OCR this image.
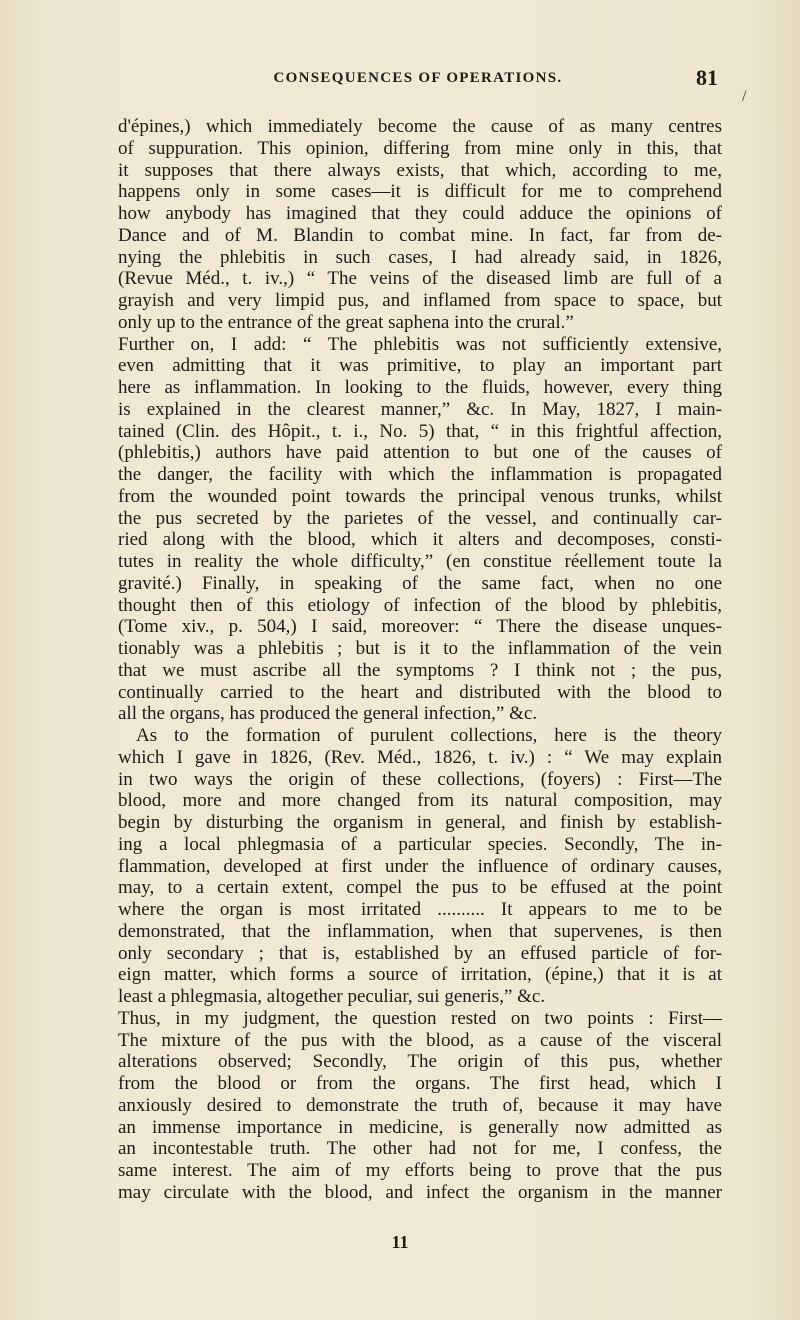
CONSEQUENCES OF OPERATIONS.	81
/
d'épines,) which immediately become the cause of as many centres
of suppuration. This opinion, differing from mine only in this, that
it supposes that there always exists, that which, according to me,
happens only in some cases—it is difficult for me to comprehend
how anybody has imagined that they could adduce the opinions of
Dance and of M. Blandin to combat mine. In fact, far from de-
nying the phlebitis in such cases, I had already said, in 1826,
(Revue Méd., t. iv.,) “ The veins of the diseased limb are full of a
grayish and very limpid pus, and inflamed from space to space, but
only up to the entrance of the great saphena into the crural.”
Further on, I add: “ The phlebitis was not sufficiently extensive,
even admitting that it was primitive, to play an important part
here as inflammation. In looking to the fluids, however, every thing
is explained in the clearest manner,” &c. In May, 1827, I main-
tained (Clin. des Hôpit., t. i., No. 5) that, “ in this frightful affection,
(phlebitis,) authors have paid attention to but one of the causes of
the danger, the facility with which the inflammation is propagated
from the wounded point towards the principal venous trunks, whilst
the pus secreted by the parietes of the vessel, and continually car-
ried along with the blood, which it alters and decomposes, consti-
tutes in reality the whole difficulty,” (en constitue réellement toute la
gravité.) Finally, in speaking of the same fact, when no one
thought then of this etiology of infection of the blood by phlebitis,
(Tome xiv., p. 504,) I said, moreover: “ There the disease unques-
tionably was a phlebitis ; but is it to the inflammation of the vein
that we must ascribe all the symptoms ? I think not ; the pus,
continually carried to the heart and distributed with the blood to
all the organs, has produced the general infection,” &c.
As to the formation of purulent collections, here is the theory
which I gave in 1826, (Rev. Méd., 1826, t. iv.) : “ We may explain
in two ways the origin of these collections, (foyers) : First—The
blood, more and more changed from its natural composition, may
begin by disturbing the organism in general, and finish by establish-
ing a local phlegmasia of a particular species. Secondly, The in-
flammation, developed at first under the influence of ordinary causes,
may, to a certain extent, compel the pus to be effused at the point
where the organ is most irritated .......... It appears to me to be
demonstrated, that the inflammation, when that supervenes, is then
only secondary ; that is, established by an effused particle of for-
eign matter, which forms a source of irritation, (épine,) that it is at
least a phlegmasia, altogether peculiar, sui generis,” &c.
Thus, in my judgment, the question rested on two points : First—
The mixture of the pus with the blood, as a cause of the visceral
alterations observed; Secondly, The origin of this pus, whether
from the blood or from the organs. The first head, which I
anxiously desired to demonstrate the truth of, because it may have
an immense importance in medicine, is generally now admitted as
an incontestable truth. The other had not for me, I confess, the
same interest. The aim of my efforts being to prove that the pus
may circulate with the blood, and infect the organism in the manner
11
